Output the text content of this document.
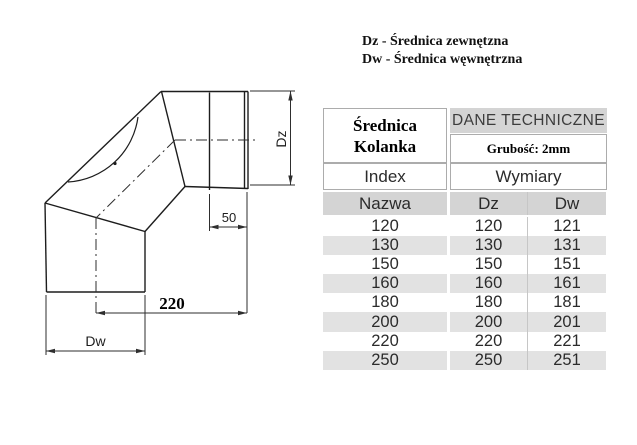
Dz - Średnica zewnętzna
Dw - Średnica węwnętrzna
Dz
50
220
Dw
Średnica
Kolanka
DANE TECHNICZNE
Grubość: 2mm
Index	Wymiary
Nazwa	Dz	Dw
120	120	121
130	130	131
150	150	151
160	160	161
180	180	181
200	200	201
220	220	221
250	250	251
